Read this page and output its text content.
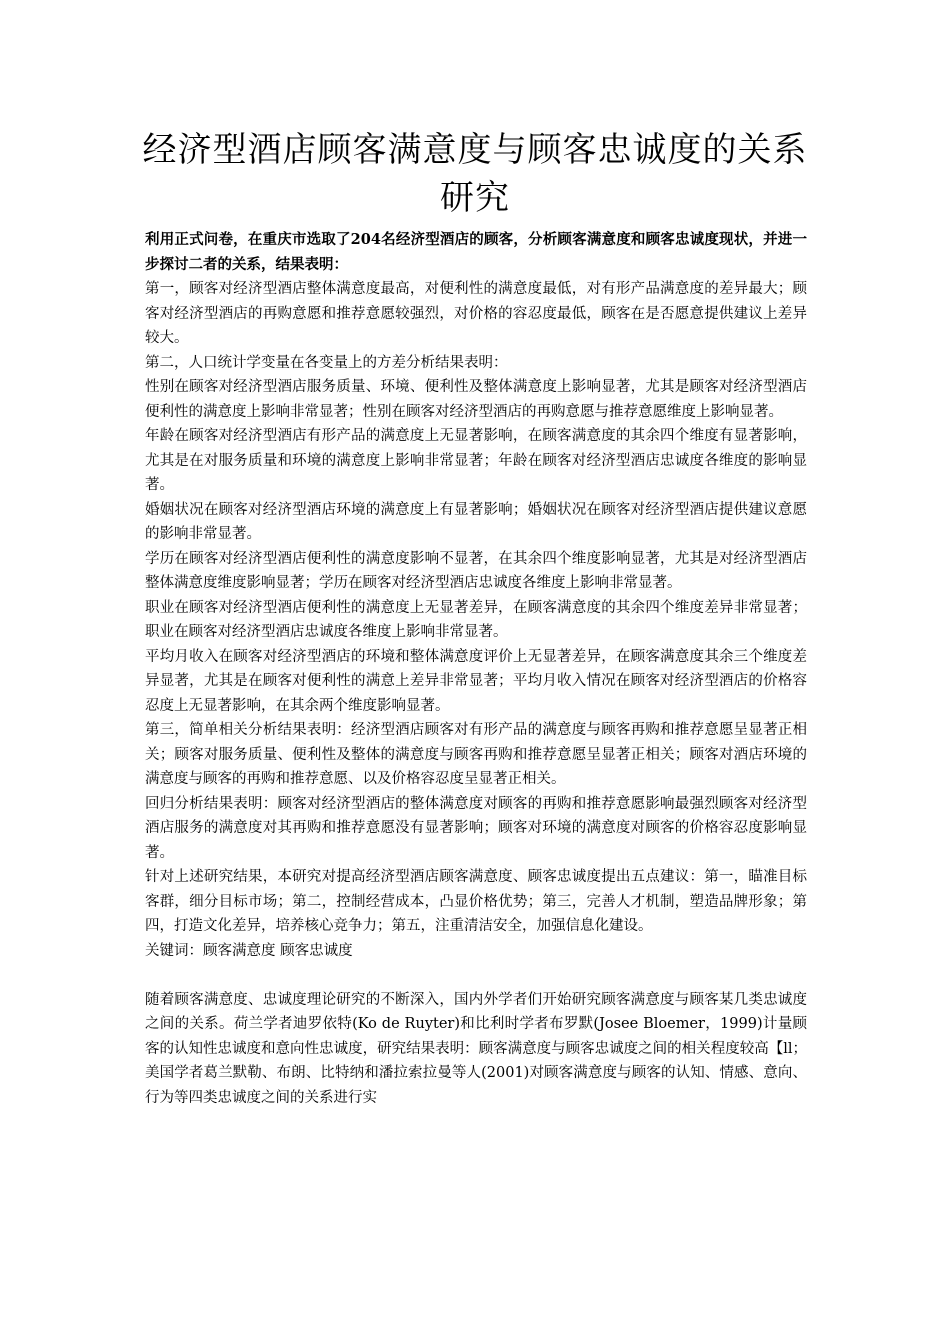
经济型酒店顾客满意度与顾客忠诚度的关系研究

利用正式问卷，在重庆市选取了204名经济型酒店的顾客，分析顾客满意度和顾客忠诚度现状，并进一步探讨二者的关系，结果表明：

第一，顾客对经济型酒店整体满意度最高，对便利性的满意度最低，对有形产品满意度的差异最大；顾客对经济型酒店的再购意愿和推荐意愿较强烈，对价格的容忍度最低，顾客在是否愿意提供建议上差异较大。

第二，人口统计学变量在各变量上的方差分析结果表明：

性别在顾客对经济型酒店服务质量、环境、便利性及整体满意度上影响显著，尤其是顾客对经济型酒店便利性的满意度上影响非常显著；性别在顾客对经济型酒店的再购意愿与推荐意愿维度上影响显著。

年龄在顾客对经济型酒店有形产品的满意度上无显著影响，在顾客满意度的其余四个维度有显著影响，尤其是在对服务质量和环境的满意度上影响非常显著；年龄在顾客对经济型酒店忠诚度各维度的影响显著。

婚姻状况在顾客对经济型酒店环境的满意度上有显著影响；婚姻状况在顾客对经济型酒店提供建议意愿的影响非常显著。

学历在顾客对经济型酒店便利性的满意度影响不显著，在其余四个维度影响显著，尤其是对经济型酒店整体满意度维度影响显著；学历在顾客对经济型酒店忠诚度各维度上影响非常显著。

职业在顾客对经济型酒店便利性的满意度上无显著差异，在顾客满意度的其余四个维度差异非常显著；职业在顾客对经济型酒店忠诚度各维度上影响非常显著。

平均月收入在顾客对经济型酒店的环境和整体满意度评价上无显著差异，在顾客满意度其余三个维度差异显著，尤其是在顾客对便利性的满意上差异非常显著；平均月收入情况在顾客对经济型酒店的价格容忍度上无显著影响，在其余两个维度影响显著。

第三，简单相关分析结果表明：经济型酒店顾客对有形产品的满意度与顾客再购和推荐意愿呈显著正相关；顾客对服务质量、便利性及整体的满意度与顾客再购和推荐意愿呈显著正相关；顾客对酒店环境的满意度与顾客的再购和推荐意愿、以及价格容忍度呈显著正相关。

回归分析结果表明：顾客对经济型酒店的整体满意度对顾客的再购和推荐意愿影响最强烈顾客对经济型酒店服务的满意度对其再购和推荐意愿没有显著影响；顾客对环境的满意度对顾客的价格容忍度影响显著。

针对上述研究结果，本研究对提高经济型酒店顾客满意度、顾客忠诚度提出五点建议：第一，瞄准目标客群，细分目标市场；第二，控制经营成本，凸显价格优势；第三，完善人才机制，塑造品牌形象；第四，打造文化差异，培养核心竞争力；第五，注重清洁安全，加强信息化建设。

关键词：顾客满意度 顾客忠诚度

随着顾客满意度、忠诚度理论研究的不断深入，国内外学者们开始研究顾客满意度与顾客某几类忠诚度之间的关系。荷兰学者迪罗依特(Ko de Ruyter)和比利时学者布罗默(Josee Bloemer，1999)计量顾客的认知性忠诚度和意向性忠诚度，研究结果表明：顾客满意度与顾客忠诚度之间的相关程度较高【ll；美国学者葛兰默勒、布朗、比特纳和潘拉索拉曼等人(2001)对顾客满意度与顾客的认知、情感、意向、行为等四类忠诚度之间的关系进行实
